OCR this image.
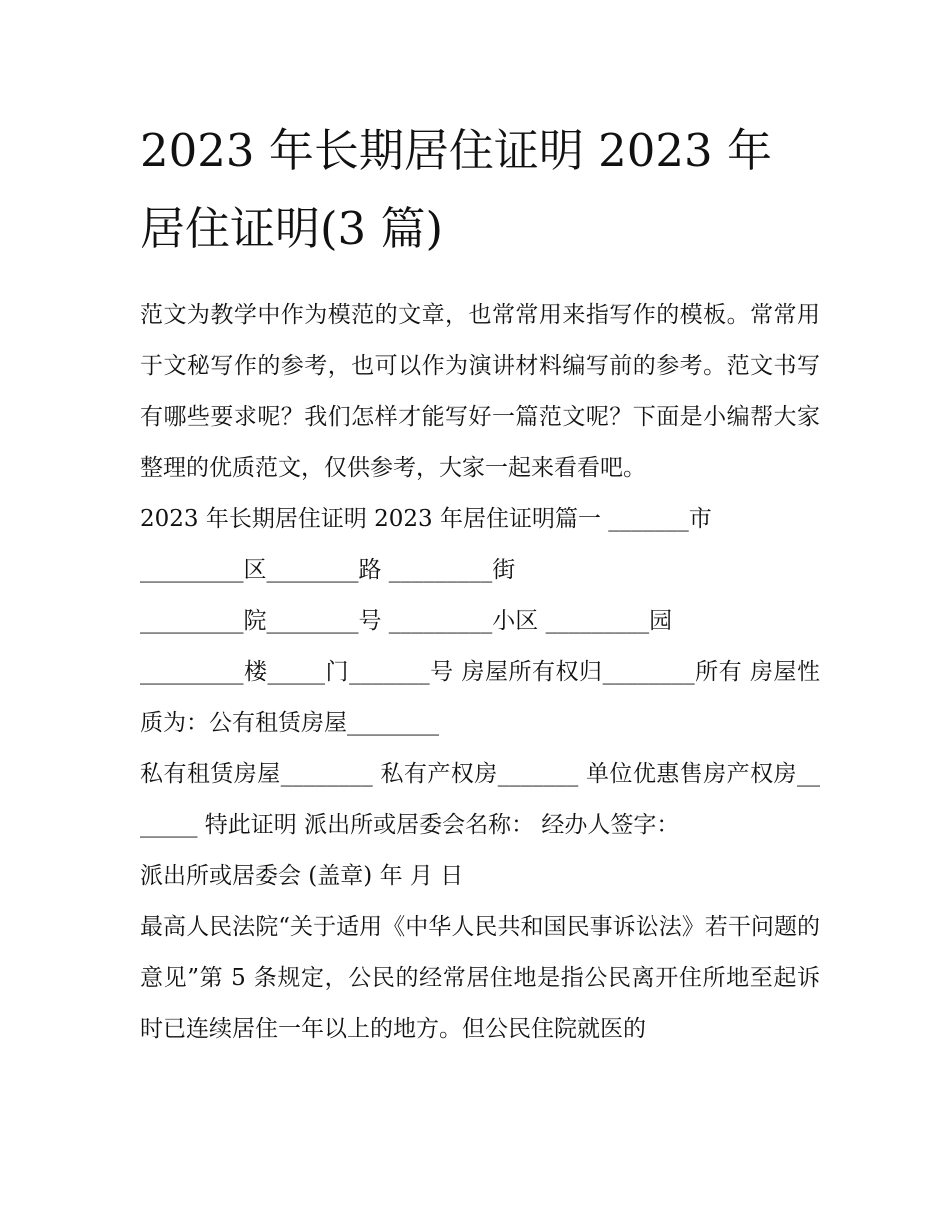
2023 年长期居住证明 2023 年
居住证明(3 篇)

范文为教学中作为模范的文章，也常常用来指写作的模板。常常用于文秘写作的参考，也可以作为演讲材料编写前的参考。范文书写有哪些要求呢？我们怎样才能写好一篇范文呢？下面是小编帮大家整理的优质范文，仅供参考，大家一起来看看吧。

2023 年长期居住证明 2023 年居住证明篇一 _______市

_________区________路 _________街

_________院________号 _________小区 _________园

_________楼_____门_______号 房屋所有权归________所有 房屋性质为：公有租赁房屋________

私有租赁房屋________ 私有产权房_______ 单位优惠售房产权房_______ 特此证明 派出所或居委会名称： 经办人签字：

派出所或居委会 (盖章) 年 月 日

最高人民法院“关于适用《中华人民共和国民事诉讼法》若干问题的意见”第 5 条规定，公民的经常居住地是指公民离开住所地至起诉时已连续居住一年以上的地方。但公民住院就医的
